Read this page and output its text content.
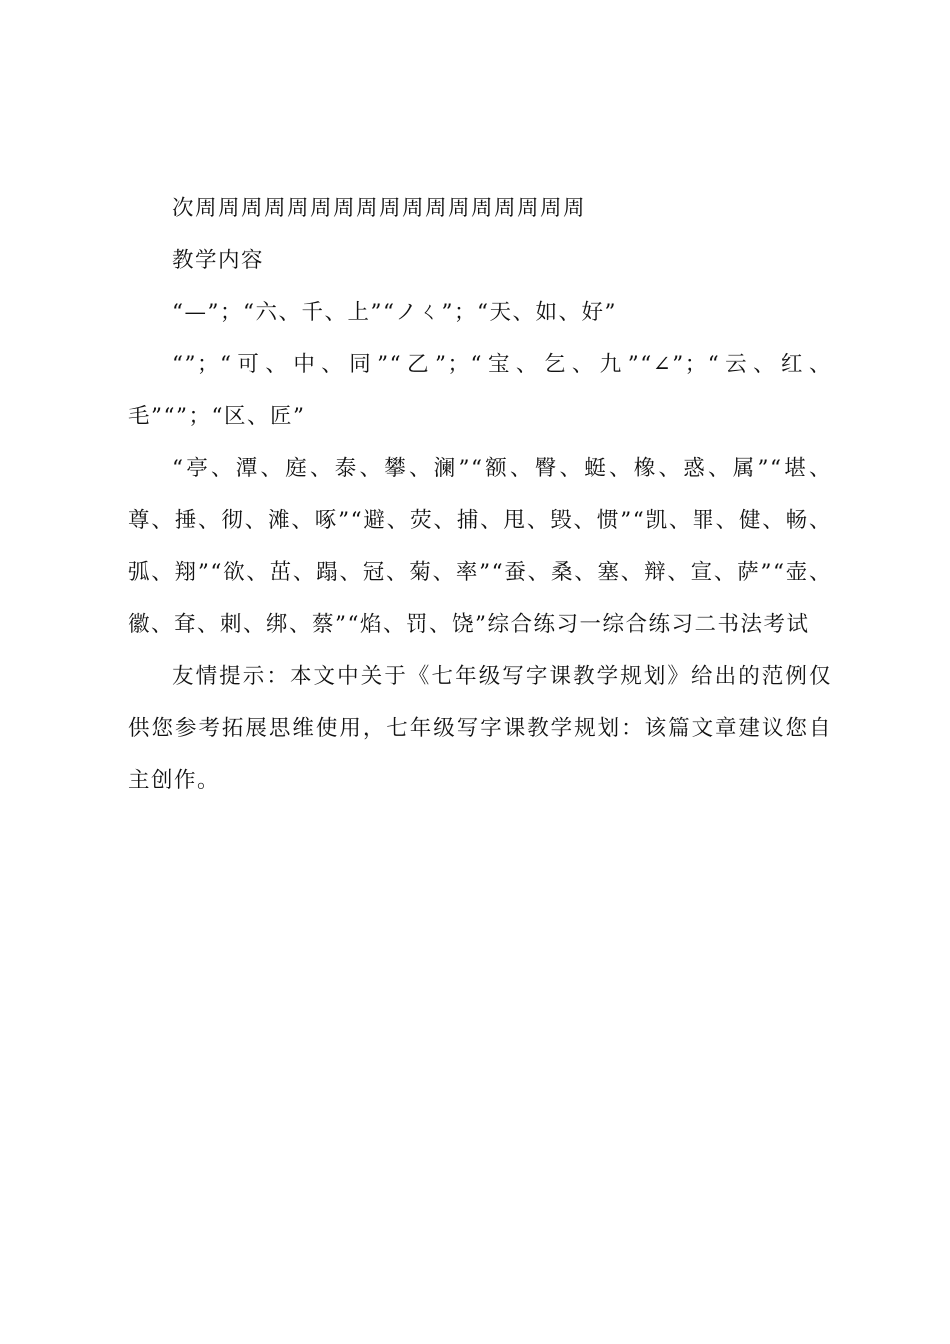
次周周周周周周周周周周周周周周周周周

教学内容

“—”；“六、千、上”“ノㄑ”；“天、如、好”

“”；“可、中、同”“乙”；“宝、乞、九”“∠”；“云、红、毛”“”；“区、匠”

“亭、潭、庭、泰、攀、澜”“额、臀、蜓、橡、惑、属”“堪、尊、捶、彻、滩、啄”“避、荧、捕、甩、毁、惯”“凯、罪、健、畅、弧、翔”“欲、茁、蹋、冠、菊、率”“蚕、桑、塞、辩、宣、萨”“壶、徽、耷、刺、绑、蔡”“焰、罚、饶”综合练习一综合练习二书法考试

友情提示：本文中关于《七年级写字课教学规划》给出的范例仅供您参考拓展思维使用，七年级写字课教学规划：该篇文章建议您自主创作。
